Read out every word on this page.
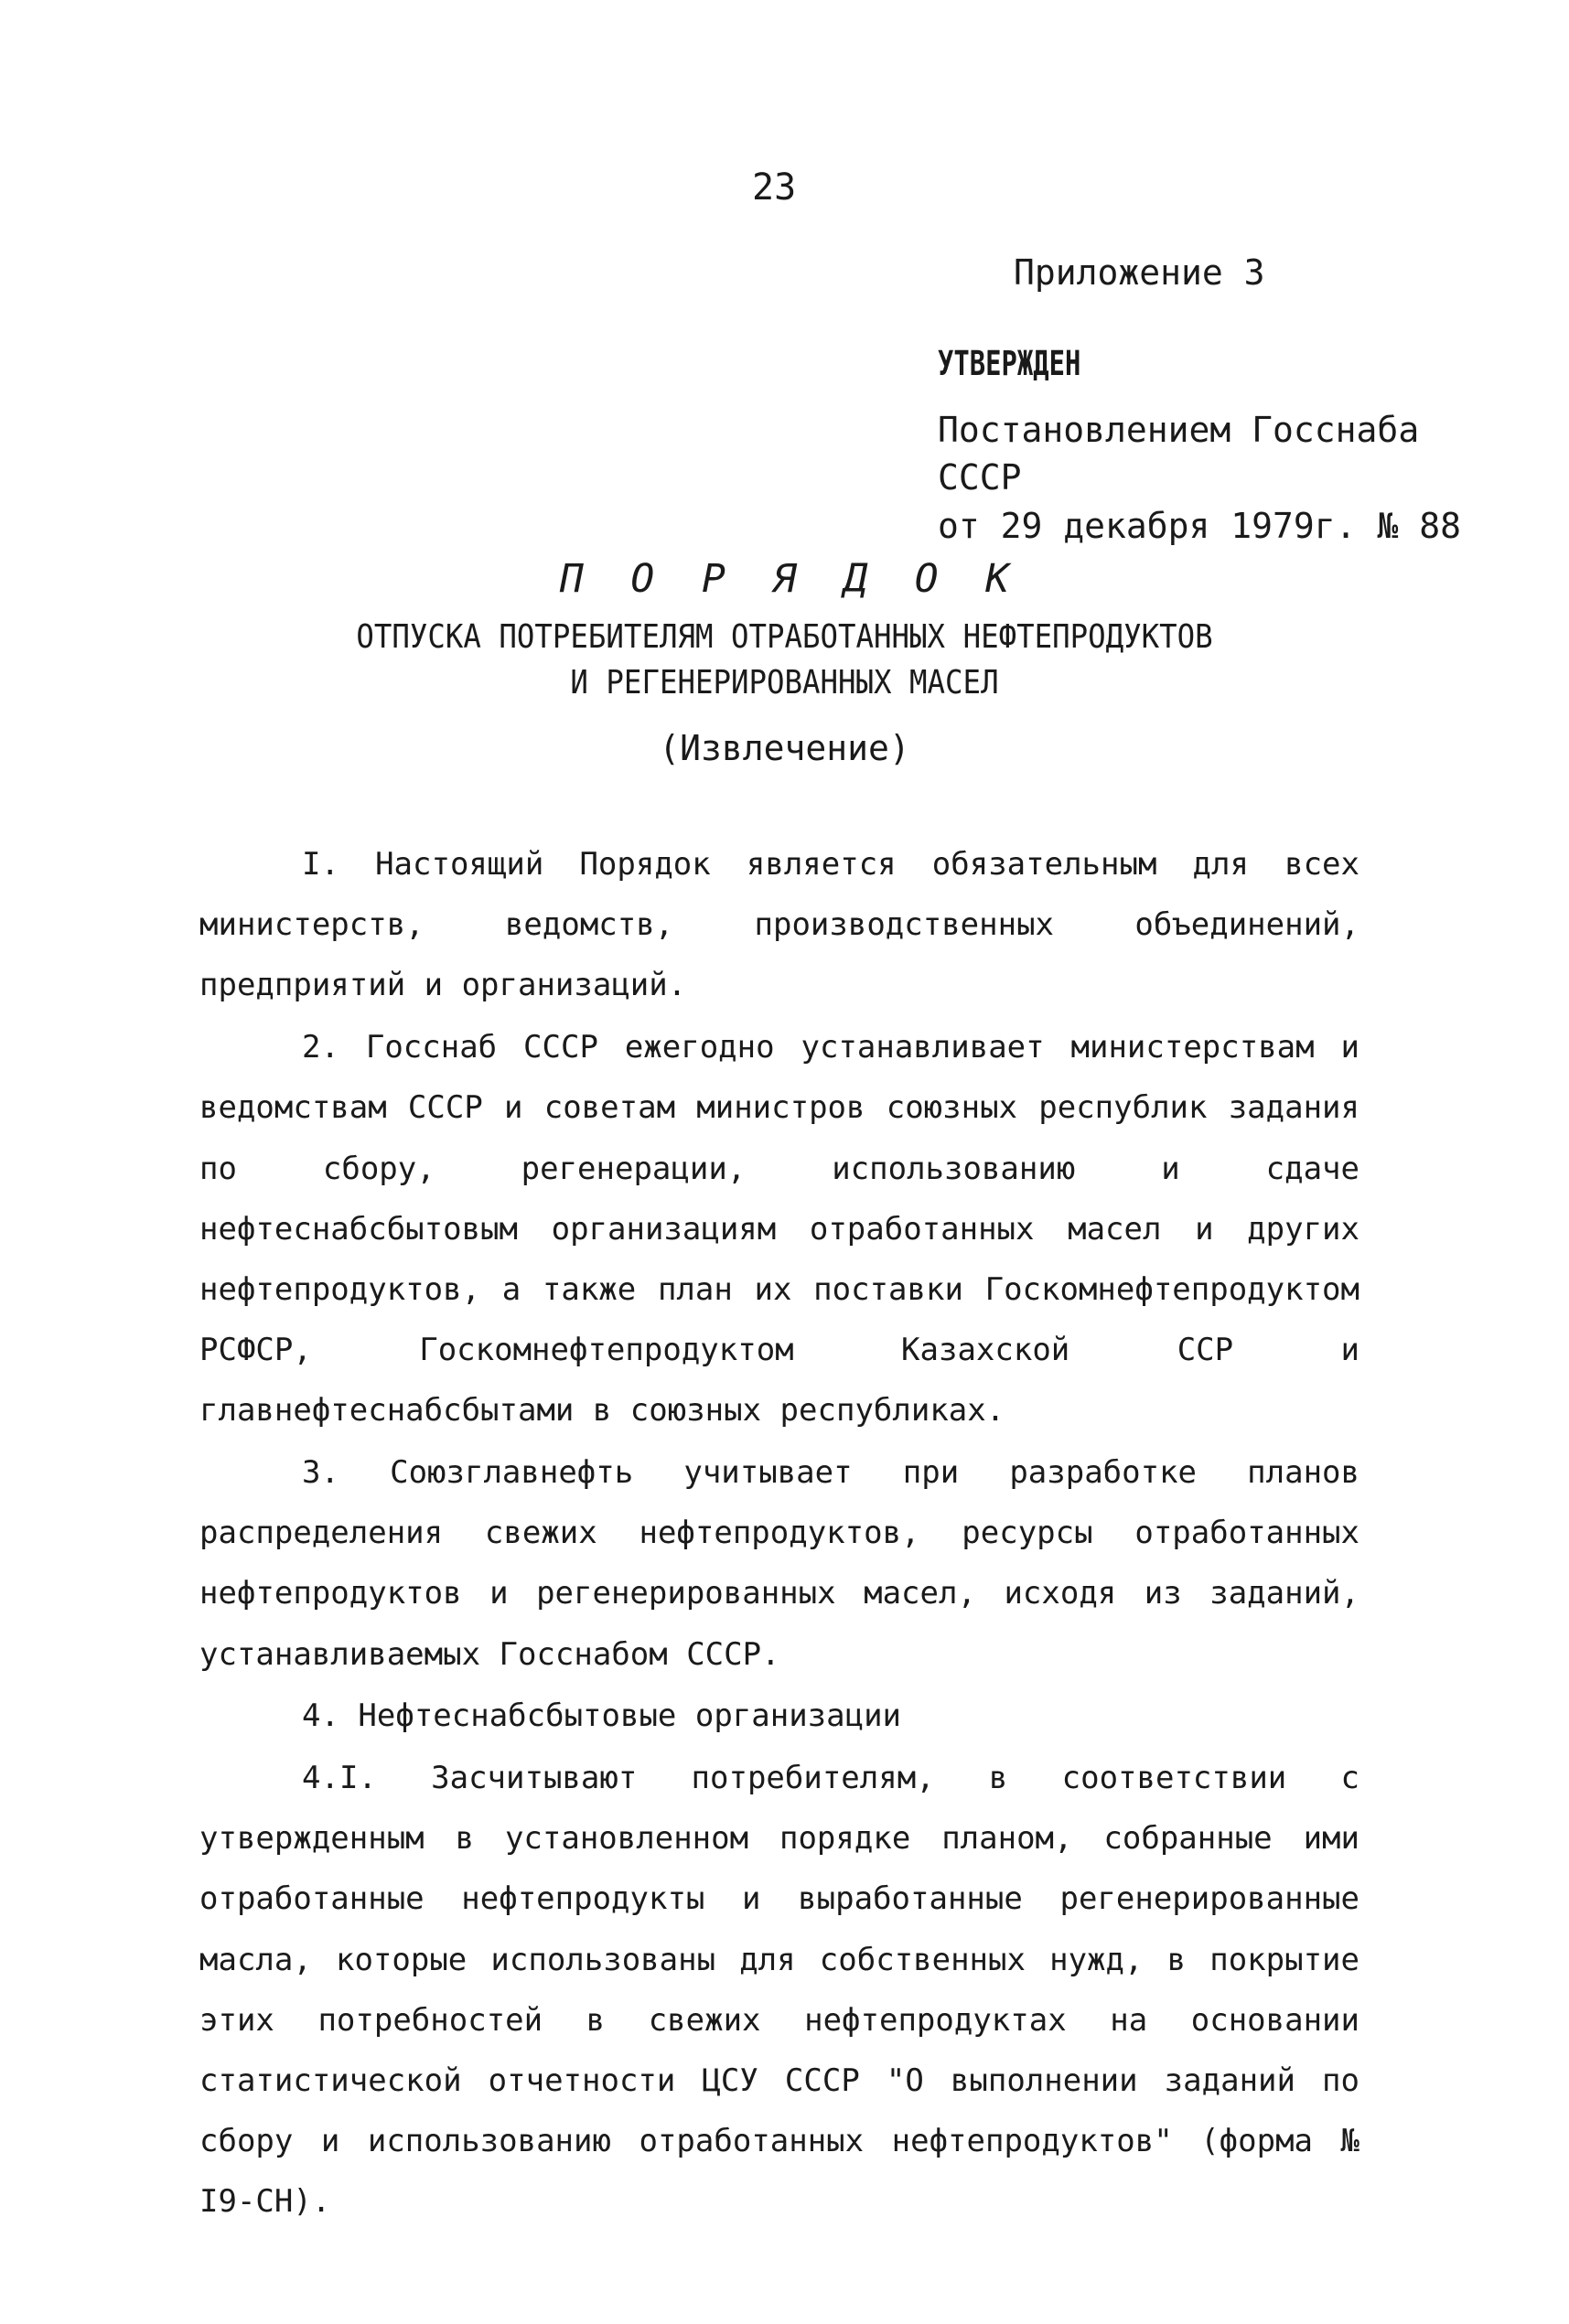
23
Приложение 3
УТВЕРЖДЕН
Постановлением Госснаба
СССР
от 29 декабря 1979г. № 88
П О Р Я Д О К
ОТПУСКА ПОТРЕБИТЕЛЯМ ОТРАБОТАННЫХ НЕФТЕПРОДУКТОВ
И РЕГЕНЕРИРОВАННЫХ МАСЕЛ
(Извлечение)

I. Настоящий Порядок является обязательным для всех министерств, ведомств, производственных объединений, предприятий и организаций.

2. Госснаб СССР ежегодно устанавливает министерствам и ведомствам СССР и советам министров союзных республик задания по сбору, регенерации, использованию и сдаче нефтеснабсбытовым организациям отработанных масел и других нефтепродуктов, а также план их поставки Госкомнефтепродуктом РСФСР, Госкомнефтепродуктом Казахской ССР и главнефтеснабсбытами в союзных республиках.

3. Союзглавнефть учитывает при разработке планов распределения свежих нефтепродуктов, ресурсы отработанных нефтепродуктов и регенерированных масел, исходя из заданий, устанавливаемых Госснабом СССР.

4. Нефтеснабсбытовые организации

4.I. Засчитывают потребителям, в соответствии с утвержденным в установленном порядке планом, собранные ими отработанные нефтепродукты и выработанные регенерированные масла, которые использованы для собственных нужд, в покрытие этих потребностей в свежих нефтепродуктах на основании статистической отчетности ЦСУ СССР "О выполнении заданий по сбору и использованию отработанных нефтепродуктов" (форма № I9-СН).
